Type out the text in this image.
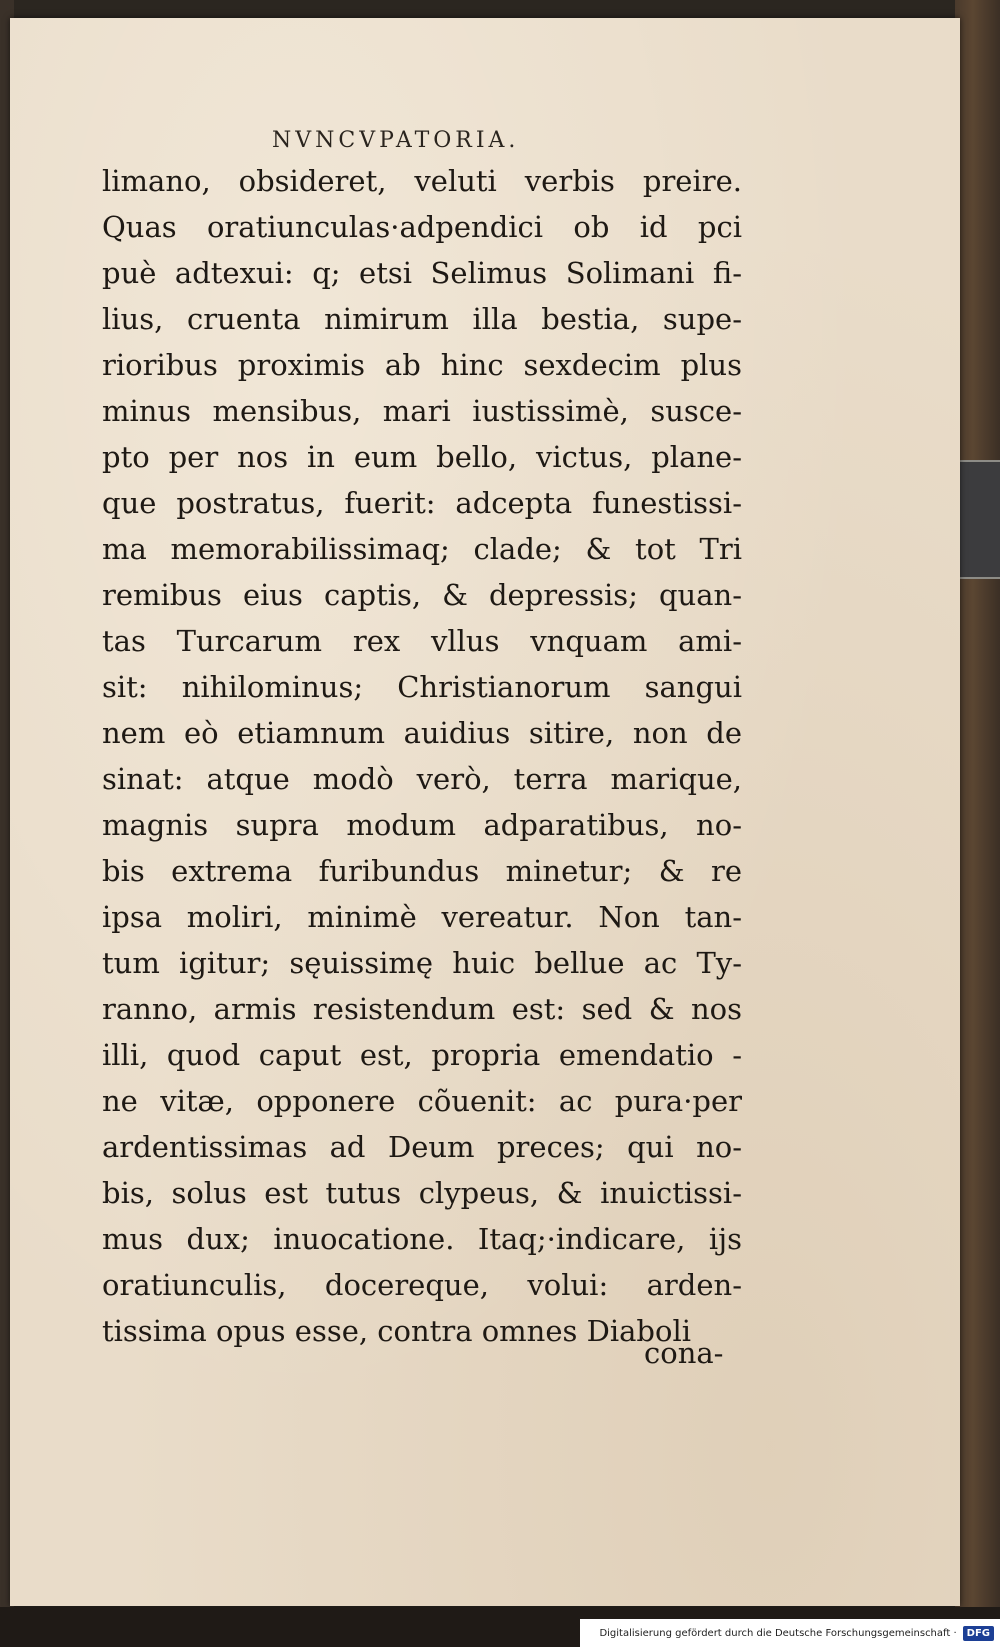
NVNCVPATORIA.
limano, obsideret, veluti verbis preire.
Quas oratiunculas·adpendici ob id pci
puè adtexui: q; etsi Selimus Solimani fi-
lius, cruenta nimirum illa bestia, supe-
rioribus proximis ab hinc sexdecim plus
minus mensibus, mari iustissimè, susce-
pto per nos in eum bello, victus, plane-
que postratus, fuerit: adcepta funestissi-
ma memorabilissimaq; clade; & tot Tri
remibus eius captis, & depressis; quan-
tas Turcarum rex vllus vnquam ami-
sit: nihilominus; Christianorum sangui
nem eò etiamnum auidius sitire, non de
sinat: atque modò verò, terra marique,
magnis supra modum adparatibus, no-
bis extrema furibundus minetur; & re
ipsa moliri, minimè vereatur. Non tan-
tum igitur; sęuissimę huic bellue ac Ty-
ranno, armis resistendum est: sed & nos
illi, quod caput est, propria emendatio -
ne vitæ, opponere cõuenit: ac pura·per
ardentissimas ad Deum preces; qui no-
bis, solus est tutus clypeus, & inuictissi-
mus dux; inuocatione. Itaq;·indicare, ijs
oratiunculis, docereque, volui: arden-
tissima opus esse, contra omnes Diaboli
cona-
Digitalisierung gefördert durch die Deutsche Forschungsgemeinschaft ·	DFG
